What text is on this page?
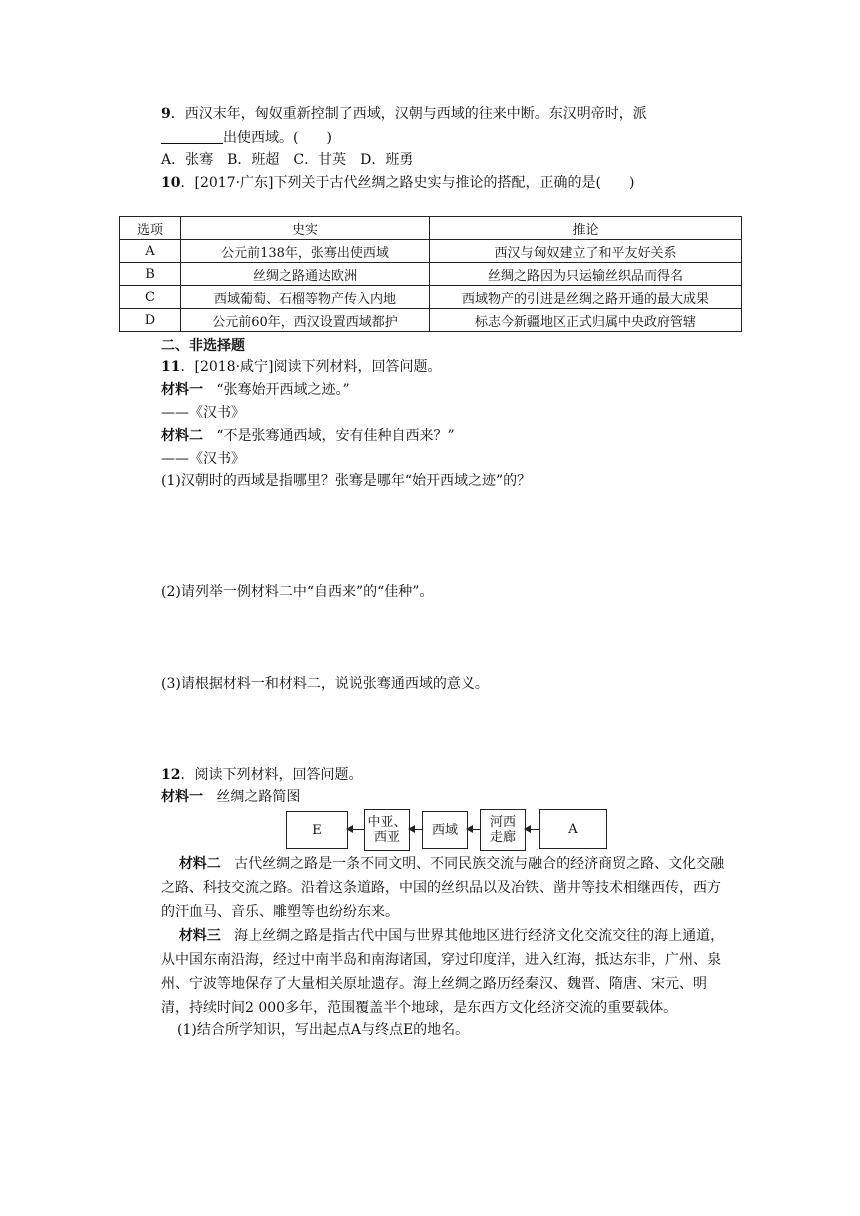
9．西汉末年，匈奴重新控制了西域，汉朝与西域的往来中断。东汉明帝时，派
出使西域。(　　)
A．张骞　B．班超　C．甘英　D．班勇
10．[2017·广东]下列关于古代丝绸之路史实与推论的搭配，正确的是(　　)
选项	史实	推论
A	公元前138年，张骞出使西域	西汉与匈奴建立了和平友好关系
B	丝绸之路通达欧洲	丝绸之路因为只运输丝织品而得名
C	西域葡萄、石榴等物产传入内地	西域物产的引进是丝绸之路开通的最大成果
D	公元前60年，西汉设置西域都护	标志今新疆地区正式归属中央政府管辖
二、非选择题
11．[2018·咸宁]阅读下列材料，回答问题。
材料一 “张骞始开西域之迹。”
——《汉书》
材料二 “不是张骞通西域，安有佳种自西来？”
——《汉书》
(1)汉朝时的西域是指哪里？张骞是哪年“始开西域之迹”的？
(2)请列举一例材料二中“自西来”的“佳种”。
(3)请根据材料一和材料二，说说张骞通西域的意义。
12．阅读下列材料，回答问题。
材料一 丝绸之路简图
E	中亚、
西亚	西域	河西
走廊
A
材料二 古代丝绸之路是一条不同文明、不同民族交流与融合的经济商贸之路、文化交融之路、科技交流之路。沿着这条道路，中国的丝织品以及冶铁、凿井等技术相继西传，西方的汗血马、音乐、雕塑等也纷纷东来。
材料三 海上丝绸之路是指古代中国与世界其他地区进行经济文化交流交往的海上通道，从中国东南沿海，经过中南半岛和南海诸国，穿过印度洋，进入红海，抵达东非，广州、泉州、宁波等地保存了大量相关原址遗存。海上丝绸之路历经秦汉、魏晋、隋唐、宋元、明清，持续时间2 000多年，范围覆盖半个地球，是东西方文化经济交流的重要载体。
(1)结合所学知识，写出起点A与终点E的地名。
